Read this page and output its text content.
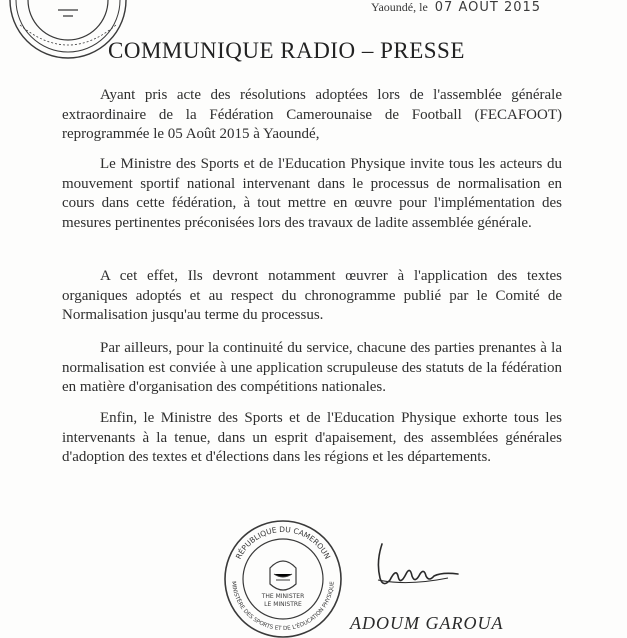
Yaoundé, le 07 AOUT 2015
COMMUNIQUE RADIO – PRESSE
Ayant pris acte des résolutions adoptées lors de l'assemblée générale extraordinaire de la Fédération Camerounaise de Football (FECAFOOT) reprogrammée le 05 Août 2015 à Yaoundé,
Le Ministre des Sports et de l'Education Physique invite tous les acteurs du mouvement sportif national intervenant dans le processus de normalisation en cours dans cette fédération, à tout mettre en œuvre pour l'implémentation des mesures pertinentes préconisées lors des travaux de ladite assemblée générale.
A cet effet, Ils devront notamment œuvrer à l'application des textes organiques adoptés et au respect du chronogramme publié par le Comité de Normalisation jusqu'au terme du processus.
Par ailleurs, pour la continuité du service, chacune des parties prenantes à la normalisation est conviée à une application scrupuleuse des statuts de la fédération en matière d'organisation des compétitions nationales.
Enfin, le Ministre des Sports et de l'Education Physique exhorte tous les intervenants à la tenue, dans un esprit d'apaisement, des assemblées générales d'adoption des textes et d'élections dans les régions et les départements.
RÉPUBLIQUE DU CAMEROUN
MINISTÈRE DES SPORTS ET DE L'ÉDUCATION PHYSIQUE
THE MINISTER
LE MINISTRE
ADOUM GAROUA
